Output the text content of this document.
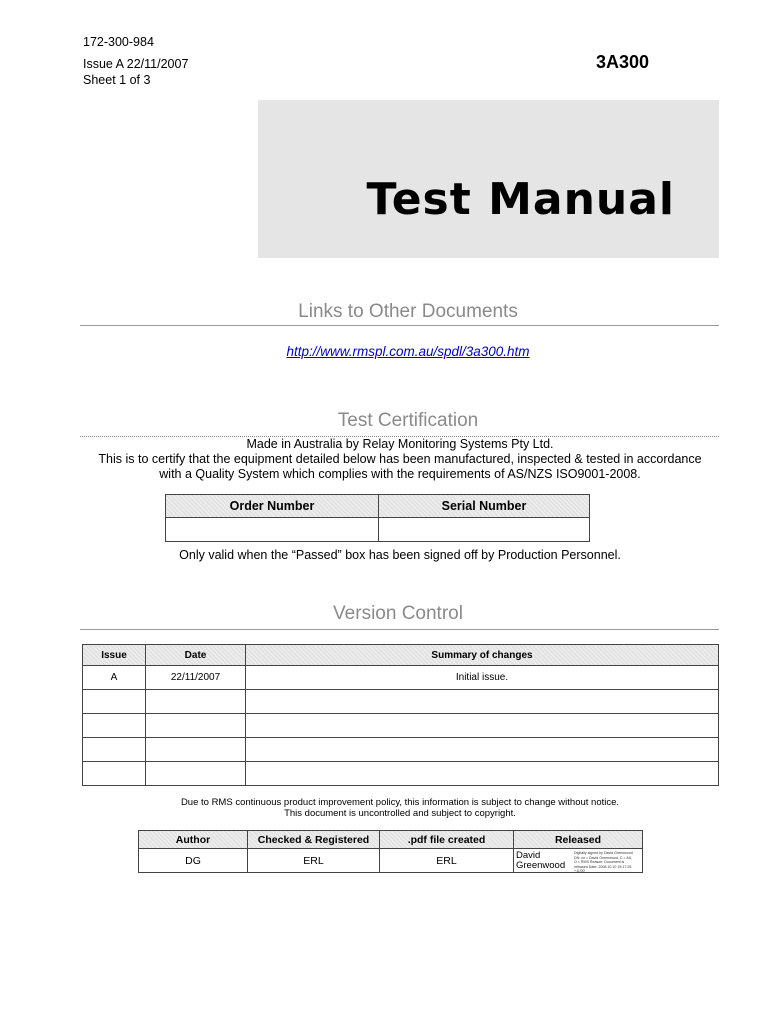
172-300-984
Issue A 22/11/2007
Sheet 1 of 3
3A300
Test Manual
Links to Other Documents
http://www.rmspl.com.au/spdl/3a300.htm
Test Certification
Made in Australia by Relay Monitoring Systems Pty Ltd.
This is to certify that the equipment detailed below has been manufactured, inspected & tested in accordance
with a Quality System which complies with the requirements of AS/NZS ISO9001-2008.
Order Number	Serial Number

Only valid when the “Passed” box has been signed off by Production Personnel.
Version Control
Issue	Date	Summary of changes
A	22/11/2007	Initial issue.

Due to RMS continuous product improvement policy, this information is subject to change without notice.
This document is uncontrolled and subject to copyright.
Author	Checked & Registered	.pdf file created	Released
DG	ERL	ERL	David Greenwood
Digitally signed by David Greenwood DN: cn = David Greenwood, C = AU, O = RMS Reason: Document is released Date: 2008.10.10 15:17:25 +11'00'
